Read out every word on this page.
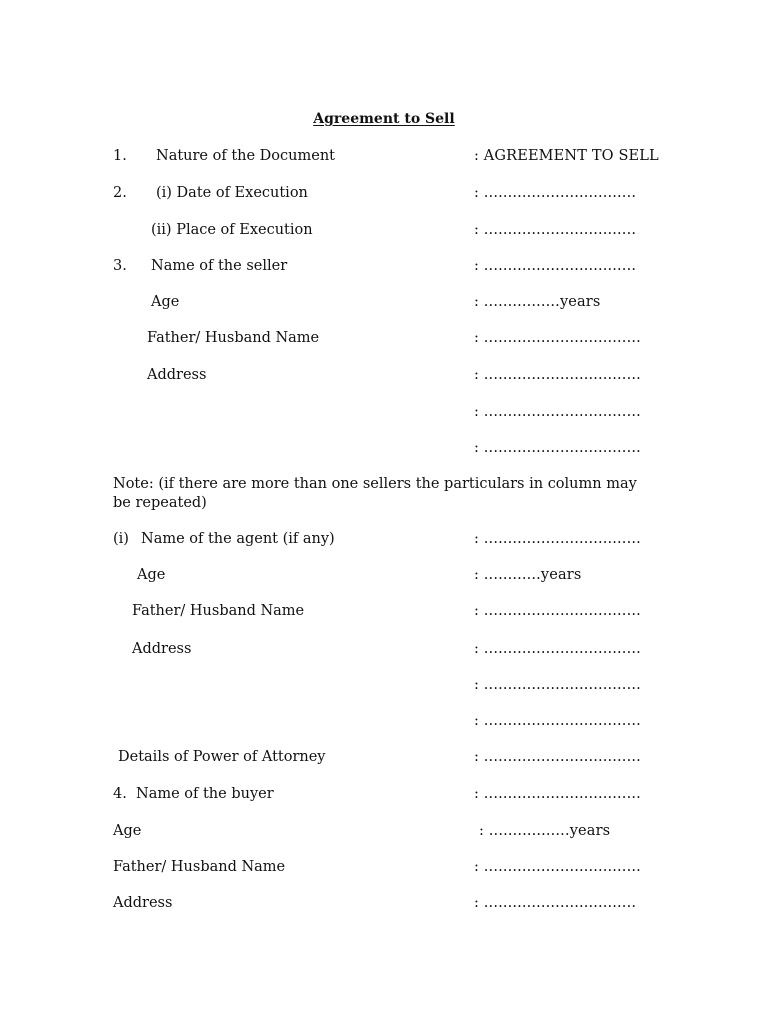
Agreement to Sell
1. Nature of the Document	: AGREEMENT TO SELL
2. (i) Date of Execution	: ................................
(ii) Place of Execution	: ................................
3. Name of the seller	: ................................
Age	: ................years
Father/ Husband Name	: .................................
Address	: .................................
: .................................
: .................................
Note: (if there are more than one sellers the particulars in column may be repeated)
(i) Name of the agent (if any)	: .................................
Age	: ............years
Father/ Husband Name	: .................................
Address	: .................................
: .................................
: .................................
Details of Power of Attorney	: .................................
4. Name of the buyer	: .................................
Age	: .................years
Father/ Husband Name	: .................................
Address	: ................................
